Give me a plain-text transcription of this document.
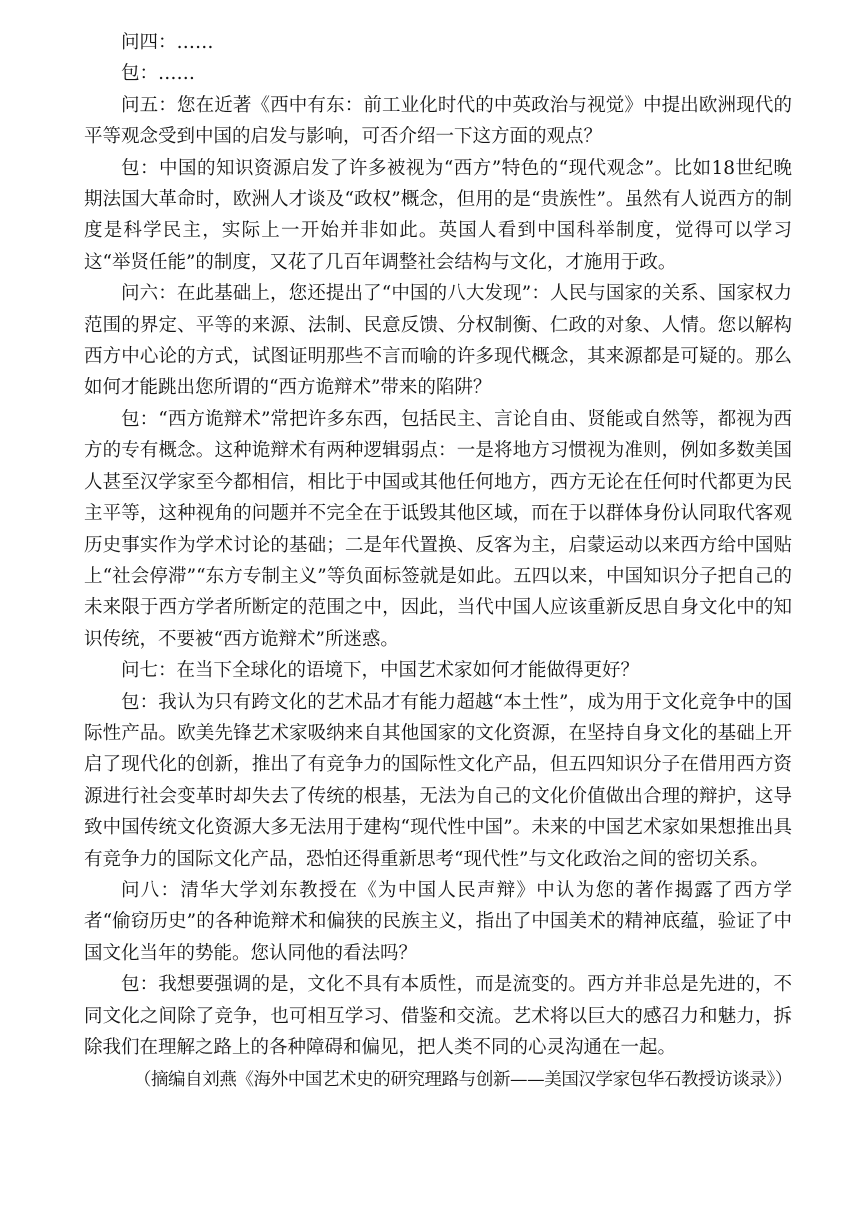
问四：……

包：……

问五：您在近著《西中有东：前工业化时代的中英政治与视觉》中提出欧洲现代的平等观念受到中国的启发与影响，可否介绍一下这方面的观点？

包：中国的知识资源启发了许多被视为“西方”特色的“现代观念”。比如18世纪晚期法国大革命时，欧洲人才谈及“政权”概念，但用的是“贵族性”。虽然有人说西方的制度是科学民主，实际上一开始并非如此。英国人看到中国科举制度，觉得可以学习这“举贤任能”的制度，又花了几百年调整社会结构与文化，才施用于政。

问六：在此基础上，您还提出了“中国的八大发现”：人民与国家的关系、国家权力范围的界定、平等的来源、法制、民意反馈、分权制衡、仁政的对象、人情。您以解构西方中心论的方式，试图证明那些不言而喻的许多现代概念，其来源都是可疑的。那么如何才能跳出您所谓的“西方诡辩术”带来的陷阱？

包：“西方诡辩术”常把许多东西，包括民主、言论自由、贤能或自然等，都视为西方的专有概念。这种诡辩术有两种逻辑弱点：一是将地方习惯视为准则，例如多数美国人甚至汉学家至今都相信，相比于中国或其他任何地方，西方无论在任何时代都更为民主平等，这种视角的问题并不完全在于诋毁其他区域，而在于以群体身份认同取代客观历史事实作为学术讨论的基础；二是年代置换、反客为主，启蒙运动以来西方给中国贴上“社会停滞”“东方专制主义”等负面标签就是如此。五四以来，中国知识分子把自己的未来限于西方学者所断定的范围之中，因此，当代中国人应该重新反思自身文化中的知识传统，不要被“西方诡辩术”所迷惑。

问七：在当下全球化的语境下，中国艺术家如何才能做得更好？

包：我认为只有跨文化的艺术品才有能力超越“本土性”，成为用于文化竞争中的国际性产品。欧美先锋艺术家吸纳来自其他国家的文化资源，在坚持自身文化的基础上开启了现代化的创新，推出了有竞争力的国际性文化产品，但五四知识分子在借用西方资源进行社会变革时却失去了传统的根基，无法为自己的文化价值做出合理的辩护，这导致中国传统文化资源大多无法用于建构“现代性中国”。未来的中国艺术家如果想推出具有竞争力的国际文化产品，恐怕还得重新思考“现代性”与文化政治之间的密切关系。

问八：清华大学刘东教授在《为中国人民声辩》中认为您的著作揭露了西方学者“偷窃历史”的各种诡辩术和偏狭的民族主义，指出了中国美术的精神底蕴，验证了中国文化当年的势能。您认同他的看法吗？

包：我想要强调的是，文化不具有本质性，而是流变的。西方并非总是先进的，不同文化之间除了竞争，也可相互学习、借鉴和交流。艺术将以巨大的感召力和魅力，拆除我们在理解之路上的各种障碍和偏见，把人类不同的心灵沟通在一起。

（摘编自刘燕《海外中国艺术史的研究理路与创新——美国汉学家包华石教授访谈录》）
